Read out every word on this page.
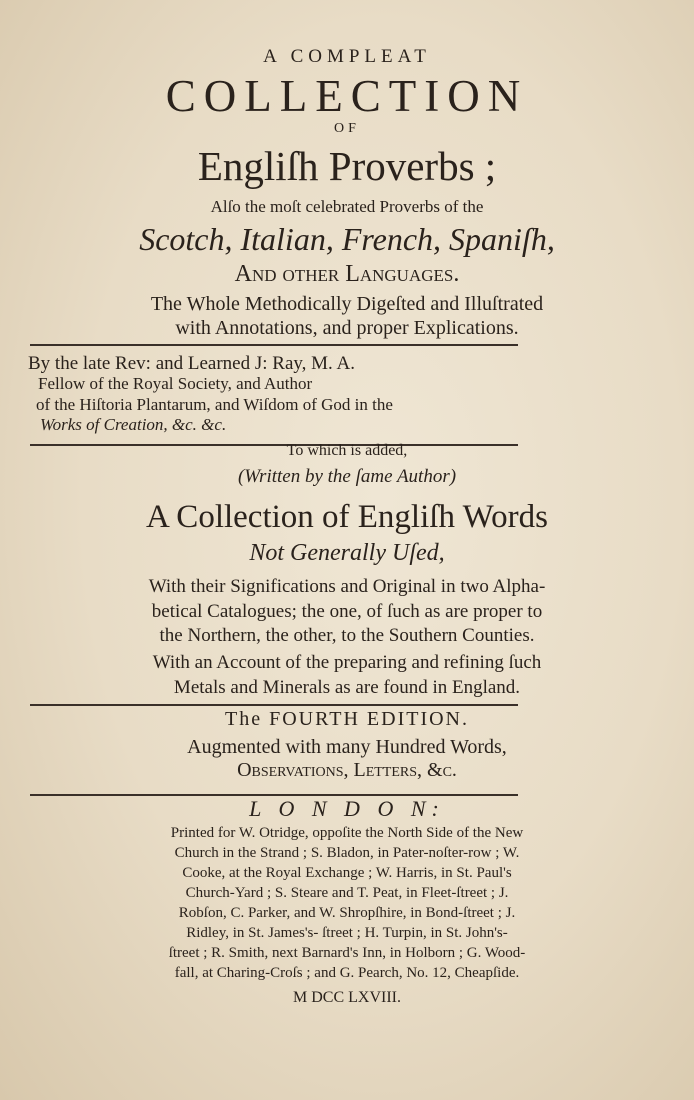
A COMPLEAT
COLLECTION
OF
Engliſh Proverbs ;
Alſo the moſt celebrated Proverbs of the
Scotch, Italian, French, Spaniſh,
And other Languages.
The Whole Methodically Digeſted and Illuſtrated
with Annotations, and proper Explications.
By the late Rev: and Learned J: Ray, M. A.
Fellow of the Royal Society, and Author
of the Hiſtoria Plantarum, and Wiſdom of God in the
Works of Creation, &c. &c.
To which is added,
(Written by the ſame Author)
A Collection of Engliſh Words
Not Generally Uſed,
With their Significations and Original in two Alpha-
betical Catalogues; the one, of ſuch as are proper to
the Northern, the other, to the Southern Counties.
With an Account of the preparing and refining ſuch
Metals and Minerals as are found in England.
The FOURTH EDITION.
Augmented with many Hundred Words,
Observations, Letters, &c.
L O N D O N:
Printed for W. Otridge, oppoſite the North Side of the New
Church in the Strand ; S. Bladon, in Pater-noſter-row ; W.
Cooke, at the Royal Exchange ; W. Harris, in St. Paul's
Church-Yard ; S. Steare and T. Peat, in Fleet-ſtreet ; J.
Robſon, C. Parker, and W. Shropſhire, in Bond-ſtreet ; J.
Ridley, in St. James's- ſtreet ; H. Turpin, in St. John's-
ſtreet ; R. Smith, next Barnard's Inn, in Holborn ; G. Wood-
fall, at Charing-Croſs ; and G. Pearch, No. 12, Cheapſide.
M DCC LXVIII.
